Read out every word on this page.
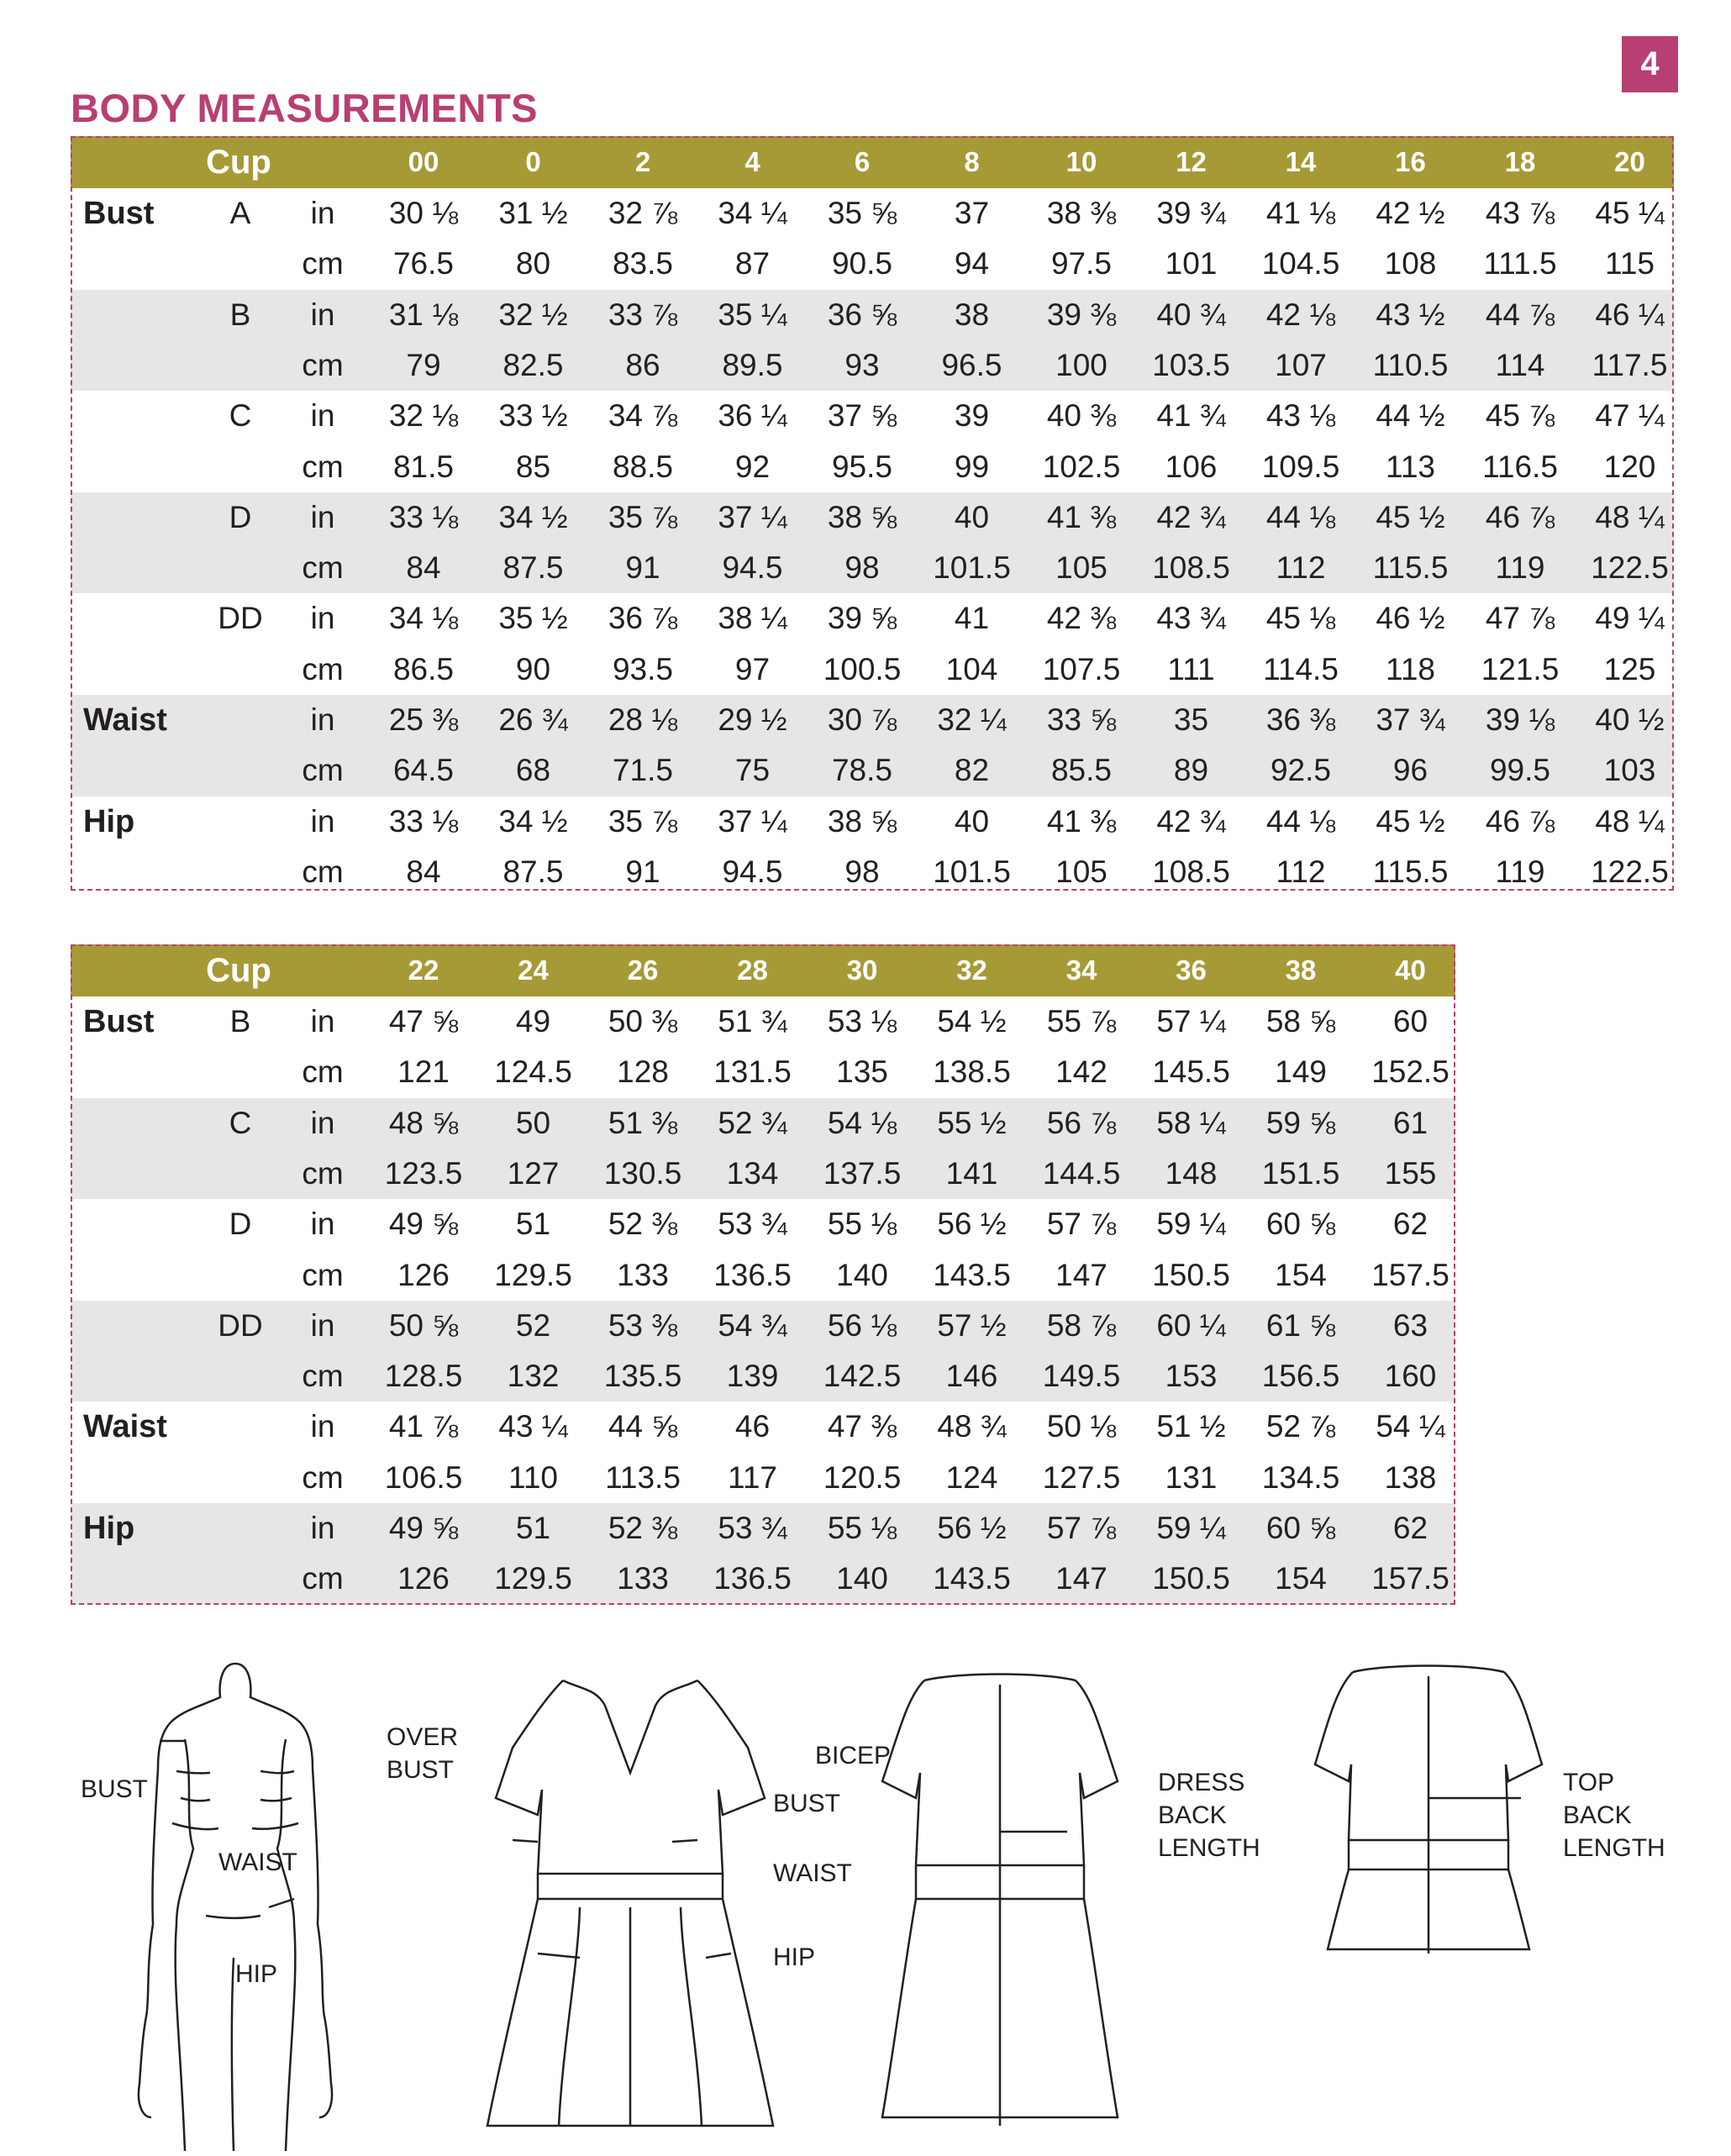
4
BODY MEASUREMENTS
Cup	00	0	2	4	6	8	10	12	14	16	18	20
Bust	A	in	30 ⅛	31 ½	32 ⅞	34 ¼	35 ⅝	37	38 ⅜	39 ¾	41 ⅛	42 ½	43 ⅞	45 ¼
cm	76.5	80	83.5	87	90.5	94	97.5	101	104.5	108	111.5	115
B	in	31 ⅛	32 ½	33 ⅞	35 ¼	36 ⅝	38	39 ⅜	40 ¾	42 ⅛	43 ½	44 ⅞	46 ¼
cm	79	82.5	86	89.5	93	96.5	100	103.5	107	110.5	114	117.5
C	in	32 ⅛	33 ½	34 ⅞	36 ¼	37 ⅝	39	40 ⅜	41 ¾	43 ⅛	44 ½	45 ⅞	47 ¼
cm	81.5	85	88.5	92	95.5	99	102.5	106	109.5	113	116.5	120
D	in	33 ⅛	34 ½	35 ⅞	37 ¼	38 ⅝	40	41 ⅜	42 ¾	44 ⅛	45 ½	46 ⅞	48 ¼
cm	84	87.5	91	94.5	98	101.5	105	108.5	112	115.5	119	122.5
DD	in	34 ⅛	35 ½	36 ⅞	38 ¼	39 ⅝	41	42 ⅜	43 ¾	45 ⅛	46 ½	47 ⅞	49 ¼
cm	86.5	90	93.5	97	100.5	104	107.5	111	114.5	118	121.5	125
Waist	in	25 ⅜	26 ¾	28 ⅛	29 ½	30 ⅞	32 ¼	33 ⅝	35	36 ⅜	37 ¾	39 ⅛	40 ½
cm	64.5	68	71.5	75	78.5	82	85.5	89	92.5	96	99.5	103
Hip	in	33 ⅛	34 ½	35 ⅞	37 ¼	38 ⅝	40	41 ⅜	42 ¾	44 ⅛	45 ½	46 ⅞	48 ¼
cm	84	87.5	91	94.5	98	101.5	105	108.5	112	115.5	119	122.5
Cup	22	24	26	28	30	32	34	36	38	40
Bust	B	in	47 ⅝	49	50 ⅜	51 ¾	53 ⅛	54 ½	55 ⅞	57 ¼	58 ⅝	60
cm	121	124.5	128	131.5	135	138.5	142	145.5	149	152.5
C	in	48 ⅝	50	51 ⅜	52 ¾	54 ⅛	55 ½	56 ⅞	58 ¼	59 ⅝	61
cm	123.5	127	130.5	134	137.5	141	144.5	148	151.5	155
D	in	49 ⅝	51	52 ⅜	53 ¾	55 ⅛	56 ½	57 ⅞	59 ¼	60 ⅝	62
cm	126	129.5	133	136.5	140	143.5	147	150.5	154	157.5
DD	in	50 ⅝	52	53 ⅜	54 ¾	56 ⅛	57 ½	58 ⅞	60 ¼	61 ⅝	63
cm	128.5	132	135.5	139	142.5	146	149.5	153	156.5	160
Waist	in	41 ⅞	43 ¼	44 ⅝	46	47 ⅜	48 ¾	50 ⅛	51 ½	52 ⅞	54 ¼
cm	106.5	110	113.5	117	120.5	124	127.5	131	134.5	138
Hip	in	49 ⅝	51	52 ⅜	53 ¾	55 ⅛	56 ½	57 ⅞	59 ¼	60 ⅝	62
cm	126	129.5	133	136.5	140	143.5	147	150.5	154	157.5
OVER
BUST
BUST
WAIST
HIP
BUST
WAIST
HIP
BICEP
DRESS
BACK
LENGTH
TOP
BACK
LENGTH
